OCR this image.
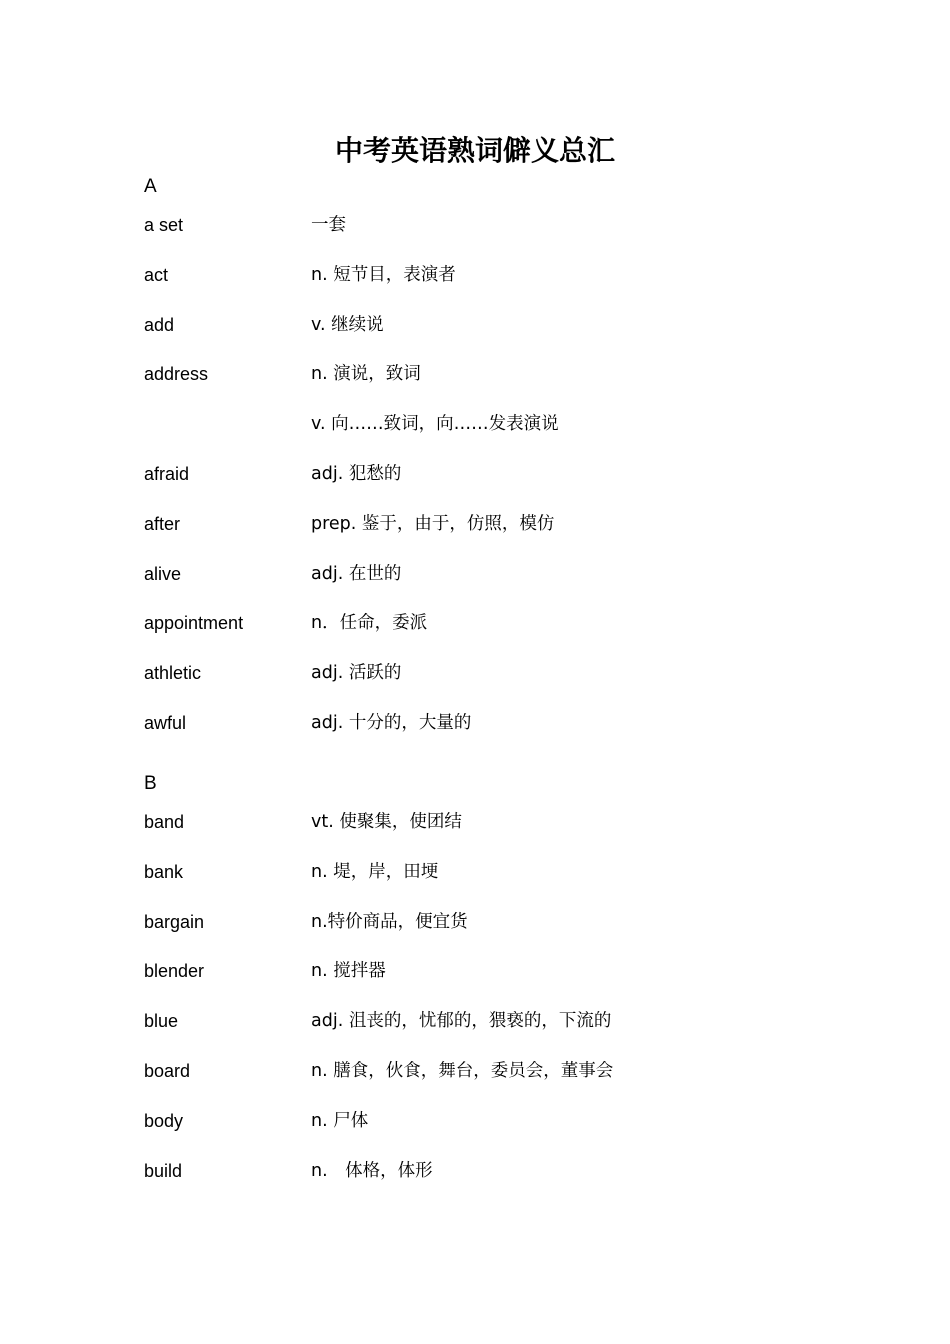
中考英语熟词僻义总汇
A
a set	一套
act	n. 短节目，表演者
add	v. 继续说
address	n. 演说，致词
v. 向……致词，向……发表演说
afraid	adj. 犯愁的
after	prep. 鉴于，由于，仿照，模仿
alive	adj. 在世的
appointment	n．任命，委派
athletic	adj. 活跃的
awful	adj. 十分的，大量的
B
band	vt. 使聚集，使团结
bank	n. 堤，岸，田埂
bargain	n.特价商品，便宜货
blender	n. 搅拌器
blue	adj. 沮丧的，忧郁的，猥亵的，下流的
board	n. 膳食，伙食，舞台，委员会，董事会
body	n. 尸体
build	n.　体格，体形
